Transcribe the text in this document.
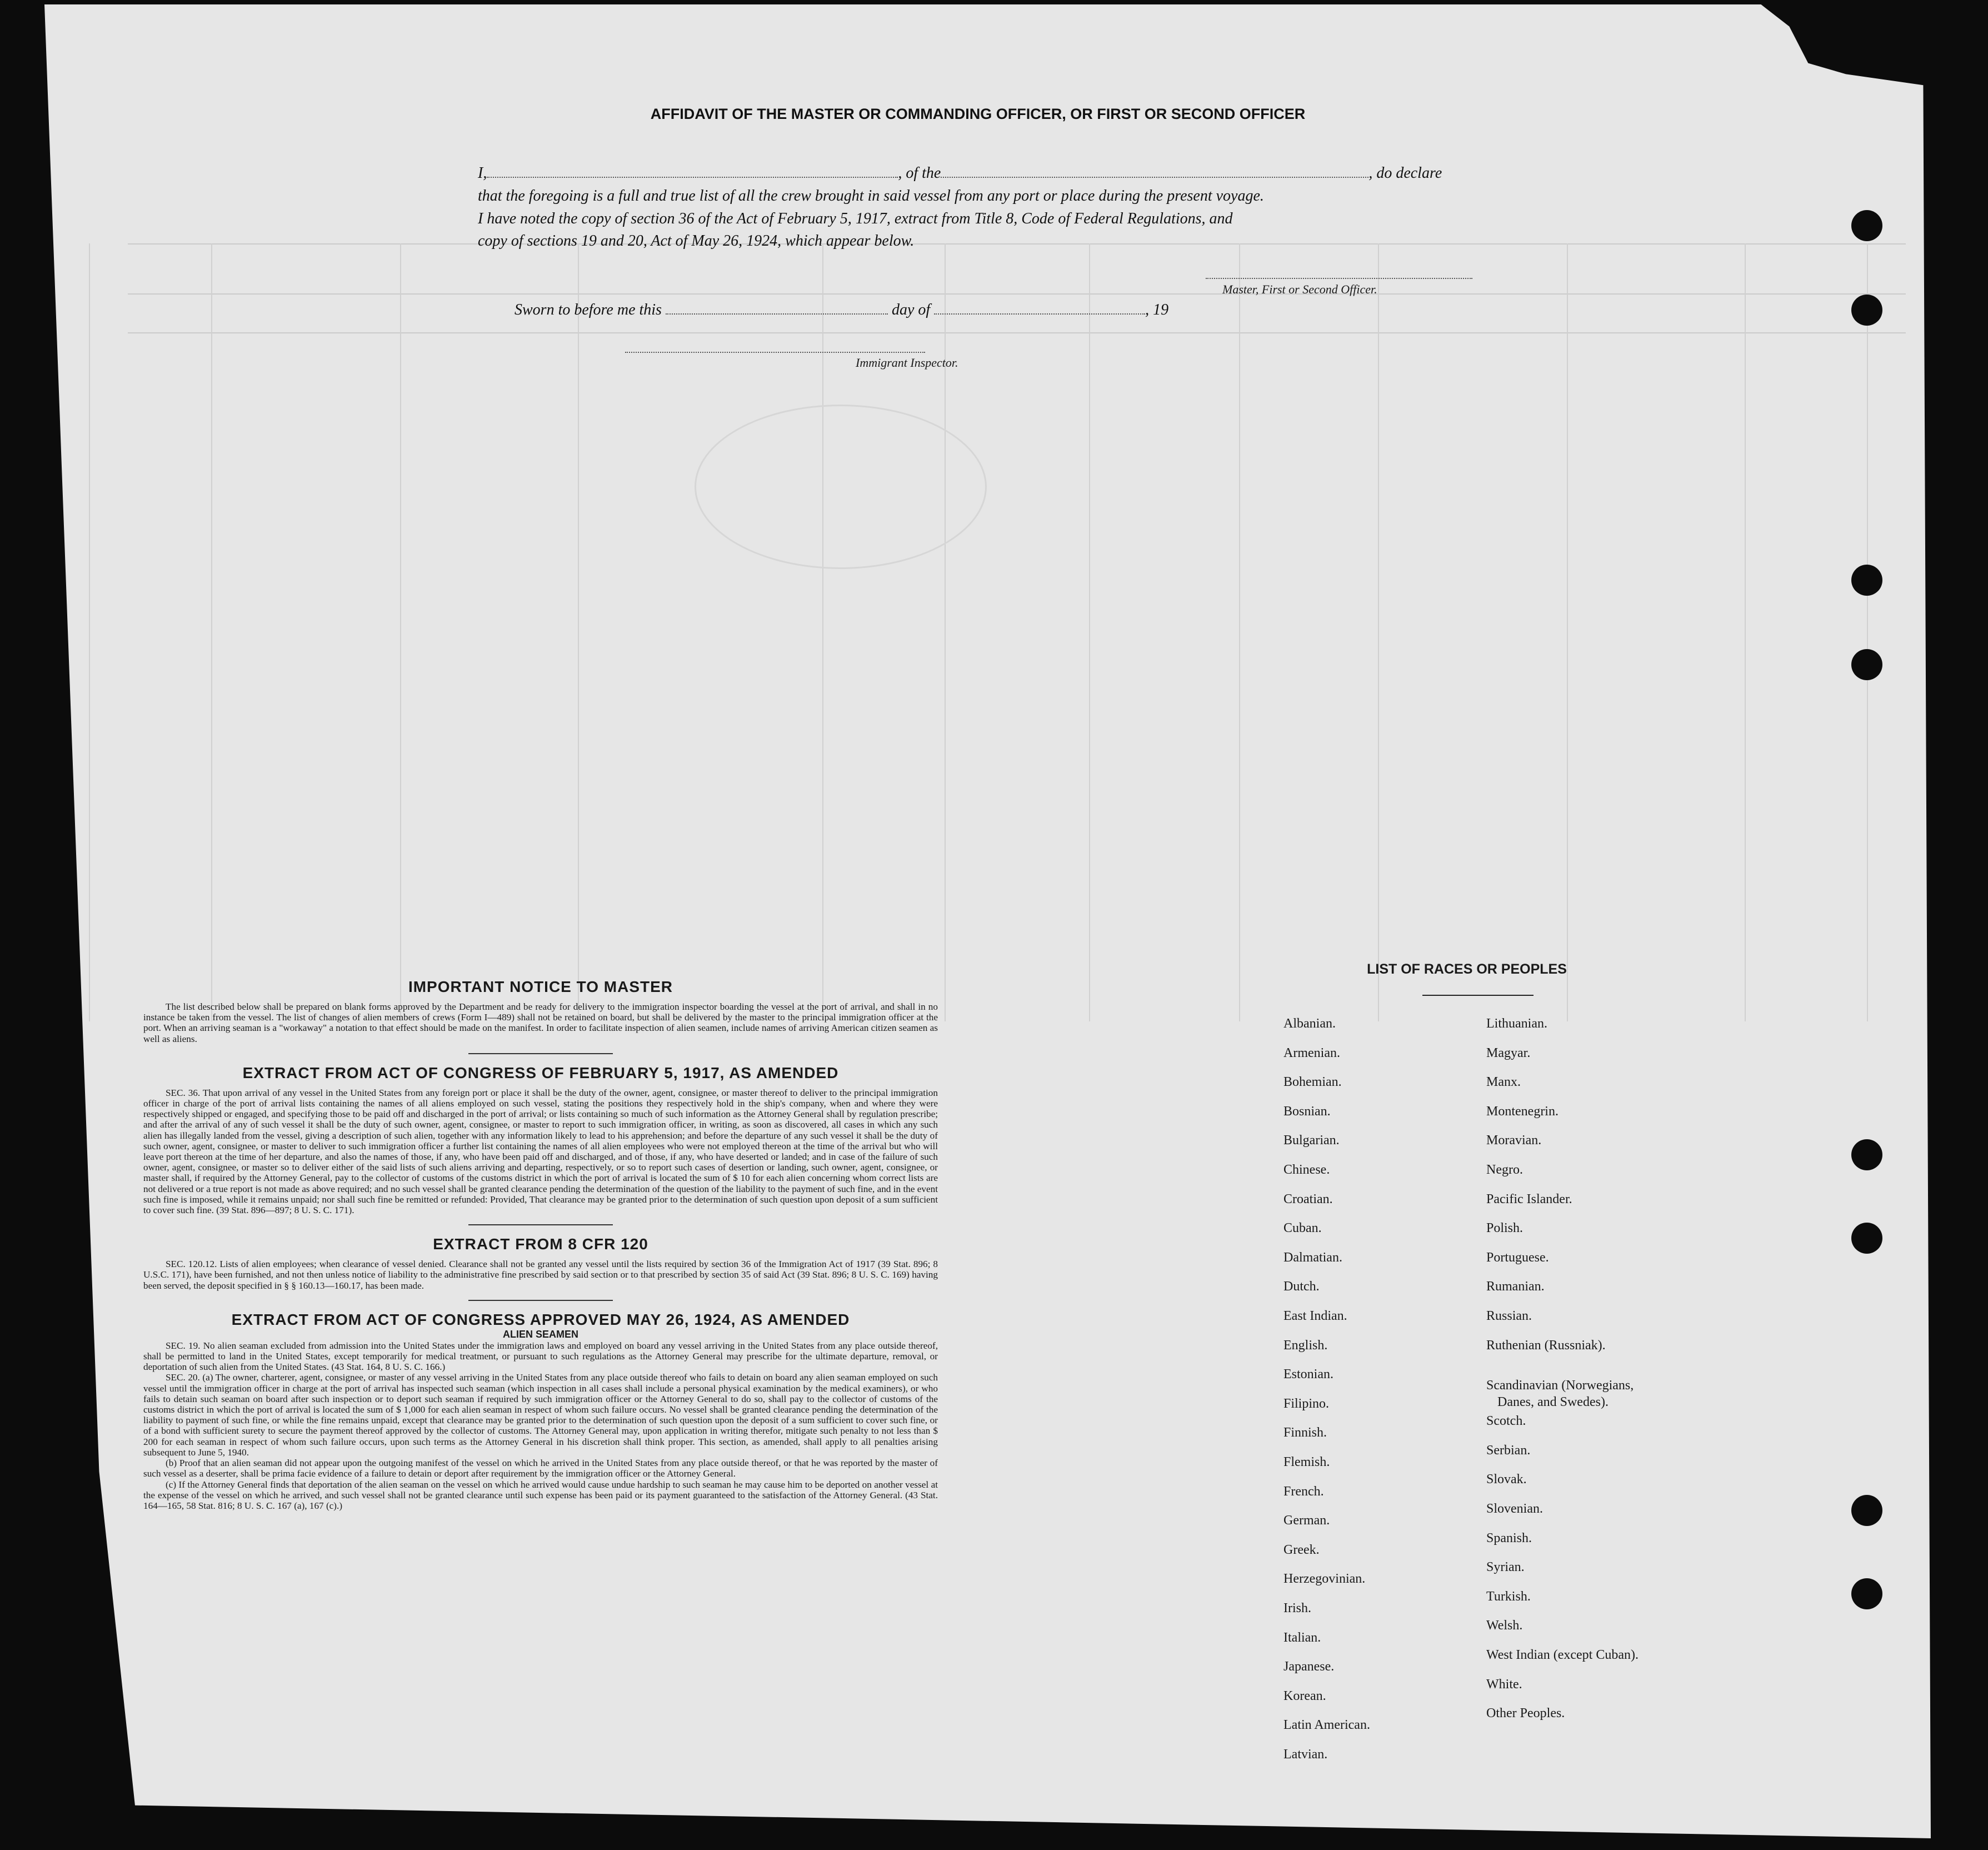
AFFIDAVIT OF THE MASTER OR COMMANDING OFFICER, OR FIRST OR SECOND OFFICER
I,	, of the	, do declare
that the foregoing is a full and true list of all the crew brought in said vessel from any port or place during the present voyage.
I have noted the copy of section 36 of the Act of February 5, 1917, extract from Title 8, Code of Federal Regulations, and
copy of sections 19 and 20, Act of May 26, 1924, which appear below.
Master, First or Second Officer.
Sworn to before me this	day of	, 19
Immigrant Inspector.
IMPORTANT NOTICE TO MASTER

The list described below shall be prepared on blank forms approved by the Department and be ready for delivery to the immigration inspector boarding the vessel at the port of arrival, and shall in no instance be taken from the vessel. The list of changes of alien members of crews (Form I—489) shall not be retained on board, but shall be delivered by the master to the principal immigration officer at the port. When an arriving seaman is a "workaway" a notation to that effect should be made on the manifest. In order to facilitate inspection of alien seamen, include names of arriving American citizen seamen as well as aliens.

EXTRACT FROM ACT OF CONGRESS OF FEBRUARY 5, 1917, AS AMENDED

SEC. 36. That upon arrival of any vessel in the United States from any foreign port or place it shall be the duty of the owner, agent, consignee, or master thereof to deliver to the principal immigration officer in charge of the port of arrival lists containing the names of all aliens employed on such vessel, stating the positions they respectively hold in the ship's company, when and where they were respectively shipped or engaged, and specifying those to be paid off and discharged in the port of arrival; or lists containing so much of such information as the Attorney General shall by regulation prescribe; and after the arrival of any of such vessel it shall be the duty of such owner, agent, consignee, or master to report to such immigration officer, in writing, as soon as discovered, all cases in which any such alien has illegally landed from the vessel, giving a description of such alien, together with any information likely to lead to his apprehension; and before the departure of any such vessel it shall be the duty of such owner, agent, consignee, or master to deliver to such immigration officer a further list containing the names of all alien employees who were not employed thereon at the time of the arrival but who will leave port thereon at the time of her departure, and also the names of those, if any, who have been paid off and discharged, and of those, if any, who have deserted or landed; and in case of the failure of such owner, agent, consignee, or master so to deliver either of the said lists of such aliens arriving and departing, respectively, or so to report such cases of desertion or landing, such owner, agent, consignee, or master shall, if required by the Attorney General, pay to the collector of customs of the customs district in which the port of arrival is located the sum of $ 10 for each alien concerning whom correct lists are not delivered or a true report is not made as above required; and no such vessel shall be granted clearance pending the determination of the question of the liability to the payment of such fine, and in the event such fine is imposed, while it remains unpaid; nor shall such fine be remitted or refunded: Provided, That clearance may be granted prior to the determination of such question upon deposit of a sum sufficient to cover such fine. (39 Stat. 896—897; 8 U. S. C. 171).

EXTRACT FROM 8 CFR 120

SEC. 120.12. Lists of alien employees; when clearance of vessel denied. Clearance shall not be granted any vessel until the lists required by section 36 of the Immigration Act of 1917 (39 Stat. 896; 8 U.S.C. 171), have been furnished, and not then unless notice of liability to the administrative fine prescribed by said section or to that prescribed by section 35 of said Act (39 Stat. 896; 8 U. S. C. 169) having been served, the deposit specified in § § 160.13—160.17, has been made.

EXTRACT FROM ACT OF CONGRESS APPROVED MAY 26, 1924, AS AMENDED
ALIEN SEAMEN

SEC. 19. No alien seaman excluded from admission into the United States under the immigration laws and employed on board any vessel arriving in the United States from any place outside thereof, shall be permitted to land in the United States, except temporarily for medical treatment, or pursuant to such regulations as the Attorney General may prescribe for the ultimate departure, removal, or deportation of such alien from the United States. (43 Stat. 164, 8 U. S. C. 166.)

SEC. 20. (a) The owner, charterer, agent, consignee, or master of any vessel arriving in the United States from any place outside thereof who fails to detain on board any alien seaman employed on such vessel until the immigration officer in charge at the port of arrival has inspected such seaman (which inspection in all cases shall include a personal physical examination by the medical examiners), or who fails to detain such seaman on board after such inspection or to deport such seaman if required by such immigration officer or the Attorney General to do so, shall pay to the collector of customs of the customs district in which the port of arrival is located the sum of $ 1,000 for each alien seaman in respect of whom such failure occurs. No vessel shall be granted clearance pending the determination of the liability to payment of such fine, or while the fine remains unpaid, except that clearance may be granted prior to the determination of such question upon the deposit of a sum sufficient to cover such fine, or of a bond with sufficient surety to secure the payment thereof approved by the collector of customs. The Attorney General may, upon application in writing therefor, mitigate such penalty to not less than $ 200 for each seaman in respect of whom such failure occurs, upon such terms as the Attorney General in his discretion shall think proper. This section, as amended, shall apply to all penalties arising subsequent to June 5, 1940.

(b) Proof that an alien seaman did not appear upon the outgoing manifest of the vessel on which he arrived in the United States from any place outside thereof, or that he was reported by the master of such vessel as a deserter, shall be prima facie evidence of a failure to detain or deport after requirement by the immigration officer or the Attorney General.

(c) If the Attorney General finds that deportation of the alien seaman on the vessel on which he arrived would cause undue hardship to such seaman he may cause him to be deported on another vessel at the expense of the vessel on which he arrived, and such vessel shall not be granted clearance until such expense has been paid or its payment guaranteed to the satisfaction of the Attorney General. (43 Stat. 164—165, 58 Stat. 816; 8 U. S. C. 167 (a), 167 (c).)

LIST OF RACES OR PEOPLES
Albanian.
Armenian.
Bohemian.
Bosnian.
Bulgarian.
Chinese.
Croatian.
Cuban.
Dalmatian.
Dutch.
East Indian.
English.
Estonian.
Filipino.
Finnish.
Flemish.
French.
German.
Greek.
Herzegovinian.
Irish.
Italian.
Japanese.
Korean.
Latin American.
Latvian.
Lithuanian.
Magyar.
Manx.
Montenegrin.
Moravian.
Negro.
Pacific Islander.
Polish.
Portuguese.
Rumanian.
Russian.
Ruthenian (Russniak).
Scandinavian (Norwegians,
Danes, and Swedes).
Scotch.
Serbian.
Slovak.
Slovenian.
Spanish.
Syrian.
Turkish.
Welsh.
West Indian (except Cuban).
White.
Other Peoples.
